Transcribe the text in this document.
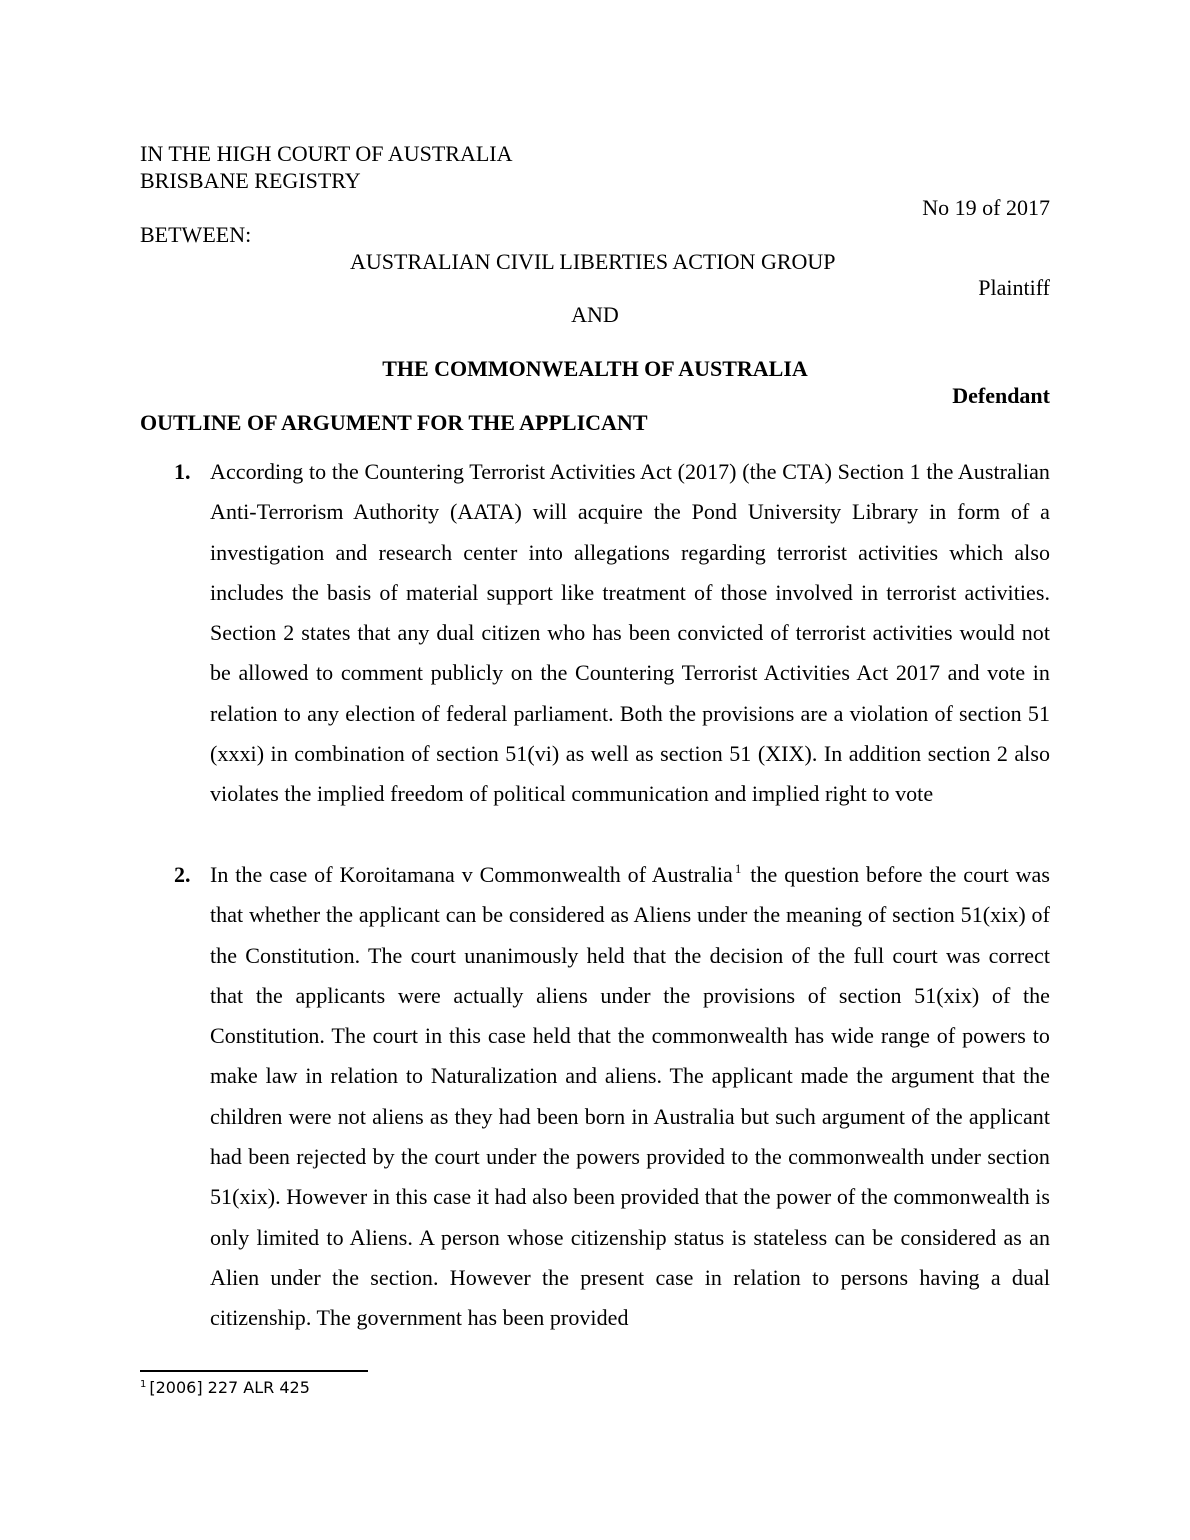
IN THE HIGH COURT OF AUSTRALIA
BRISBANE REGISTRY
No 19 of 2017
BETWEEN:
AUSTRALIAN CIVIL LIBERTIES ACTION GROUP
Plaintiff
AND
THE COMMONWEALTH OF AUSTRALIA
Defendant
OUTLINE OF ARGUMENT FOR THE APPLICANT
1. According to the Countering Terrorist Activities Act (2017) (the CTA) Section 1 the Australian Anti-Terrorism Authority (AATA) will acquire the Pond University Library in form of a investigation and research center into allegations regarding terrorist activities which also includes the basis of material support like treatment of those involved in terrorist activities. Section 2 states that any dual citizen who has been convicted of terrorist activities would not be allowed to comment publicly on the Countering Terrorist Activities Act 2017 and vote in relation to any election of federal parliament. Both the provisions are a violation of section 51 (xxxi) in combination of section 51(vi) as well as section 51 (XIX). In addition section 2 also violates the implied freedom of political communication and implied right to vote
2. In the case of Koroitamana v Commonwealth of Australia $^1$ the question before the court was that whether the applicant can be considered as Aliens under the meaning of section 51(xix) of the Constitution. The court unanimously held that the decision of the full court was correct that the applicants were actually aliens under the provisions of section 51(xix) of the Constitution. The court in this case held that the commonwealth has wide range of powers to make law in relation to Naturalization and aliens. The applicant made the argument that the children were not aliens as they had been born in Australia but such argument of the applicant had been rejected by the court under the powers provided to the commonwealth under section 51(xix). However in this case it had also been provided that the power of the commonwealth is only limited to Aliens. A person whose citizenship status is stateless can be considered as an Alien under the section. However the present case in relation to persons having a dual citizenship. The government has been provided
$^1$ [2006] 227 ALR 425
